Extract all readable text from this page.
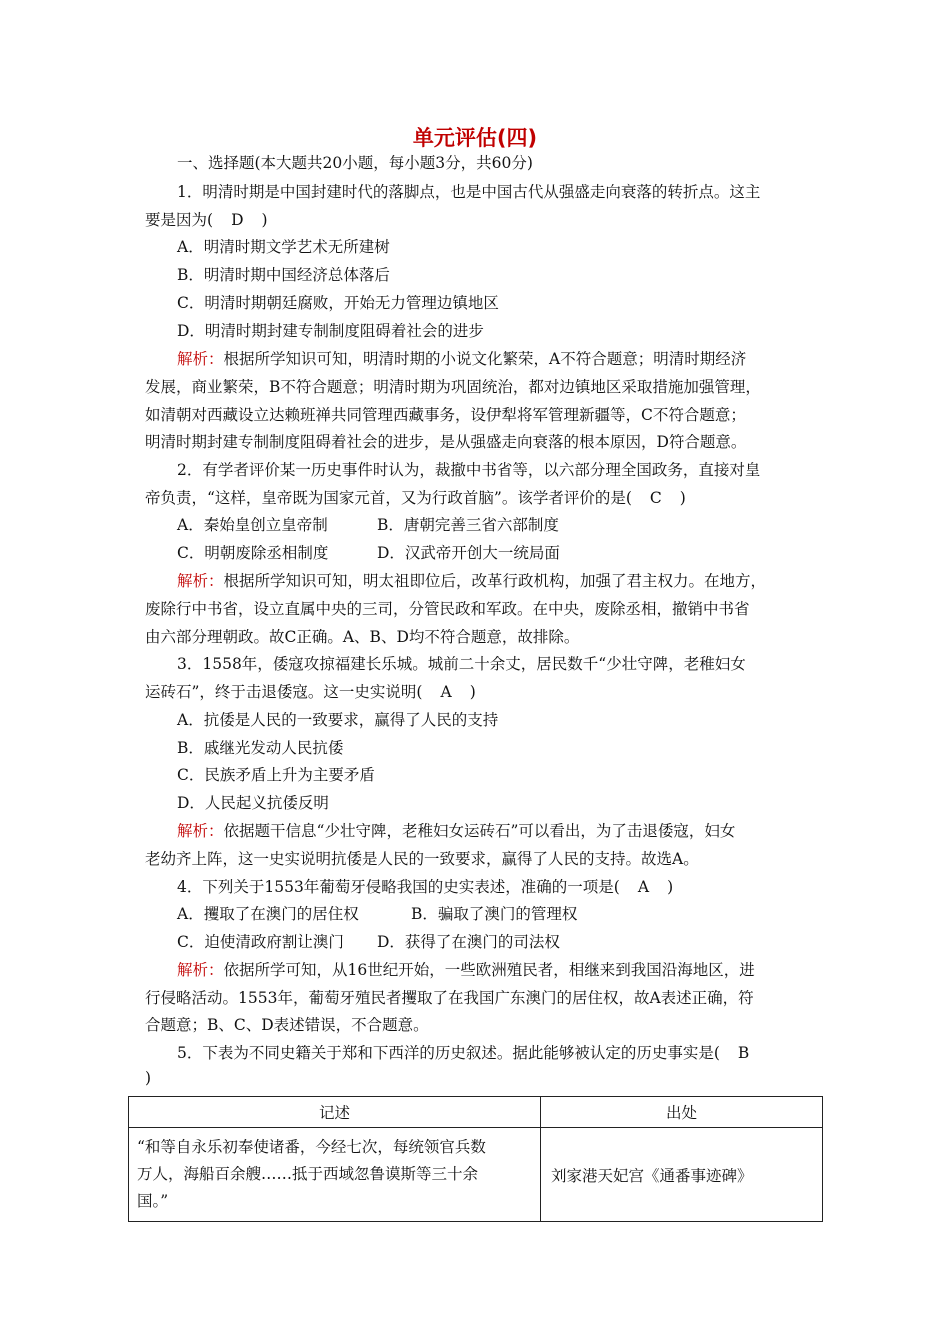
单元评估(四)
一、选择题(本大题共20小题，每小题3分，共60分)
1．明清时期是中国封建时代的落脚点，也是中国古代从强盛走向衰落的转折点。这主
要是因为( D )
A．明清时期文学艺术无所建树
B．明清时期中国经济总体落后
C．明清时期朝廷腐败，开始无力管理边镇地区
D．明清时期封建专制制度阻碍着社会的进步
解析：根据所学知识可知，明清时期的小说文化繁荣，A不符合题意；明清时期经济
发展，商业繁荣，B不符合题意；明清时期为巩固统治，都对边镇地区采取措施加强管理，
如清朝对西藏设立达赖班禅共同管理西藏事务，设伊犁将军管理新疆等，C不符合题意；
明清时期封建专制制度阻碍着社会的进步，是从强盛走向衰落的根本原因，D符合题意。
2．有学者评价某一历史事件时认为，裁撤中书省等，以六部分理全国政务，直接对皇
帝负责，“这样，皇帝既为国家元首，又为行政首脑”。该学者评价的是( C )
A．秦始皇创立皇帝制	B．唐朝完善三省六部制度
C．明朝废除丞相制度	D．汉武帝开创大一统局面
解析：根据所学知识可知，明太祖即位后，改革行政机构，加强了君主权力。在地方，
废除行中书省，设立直属中央的三司，分管民政和军政。在中央，废除丞相，撤销中书省
由六部分理朝政。故C正确。A、B、D均不符合题意，故排除。
3．1558年，倭寇攻掠福建长乐城。城前二十余丈，居民数千“少壮守陴，老稚妇女
运砖石”，终于击退倭寇。这一史实说明( A )
A．抗倭是人民的一致要求，赢得了人民的支持
B．戚继光发动人民抗倭
C．民族矛盾上升为主要矛盾
D．人民起义抗倭反明
解析：依据题干信息“少壮守陴，老稚妇女运砖石”可以看出，为了击退倭寇，妇女
老幼齐上阵，这一史实说明抗倭是人民的一致要求，赢得了人民的支持。故选A。
4．下列关于1553年葡萄牙侵略我国的史实表述，准确的一项是( A )
A．攫取了在澳门的居住权	B．骗取了澳门的管理权
C．迫使清政府割让澳门 D．获得了在澳门的司法权
解析：依据所学可知，从16世纪开始，一些欧洲殖民者，相继来到我国沿海地区，进
行侵略活动。1553年，葡萄牙殖民者攫取了在我国广东澳门的居住权，故A表述正确，符
合题意；B、C、D表述错误，不合题意。
5．下表为不同史籍关于郑和下西洋的历史叙述。据此能够被认定的历史事实是( B
)
记述	出处

“和等自永乐初奉使诸番，今经七次，每统领官兵数
万人，海船百余艘……抵于西域忽鲁谟斯等三十余
国。”	刘家港天妃宫《通番事迹碑》
